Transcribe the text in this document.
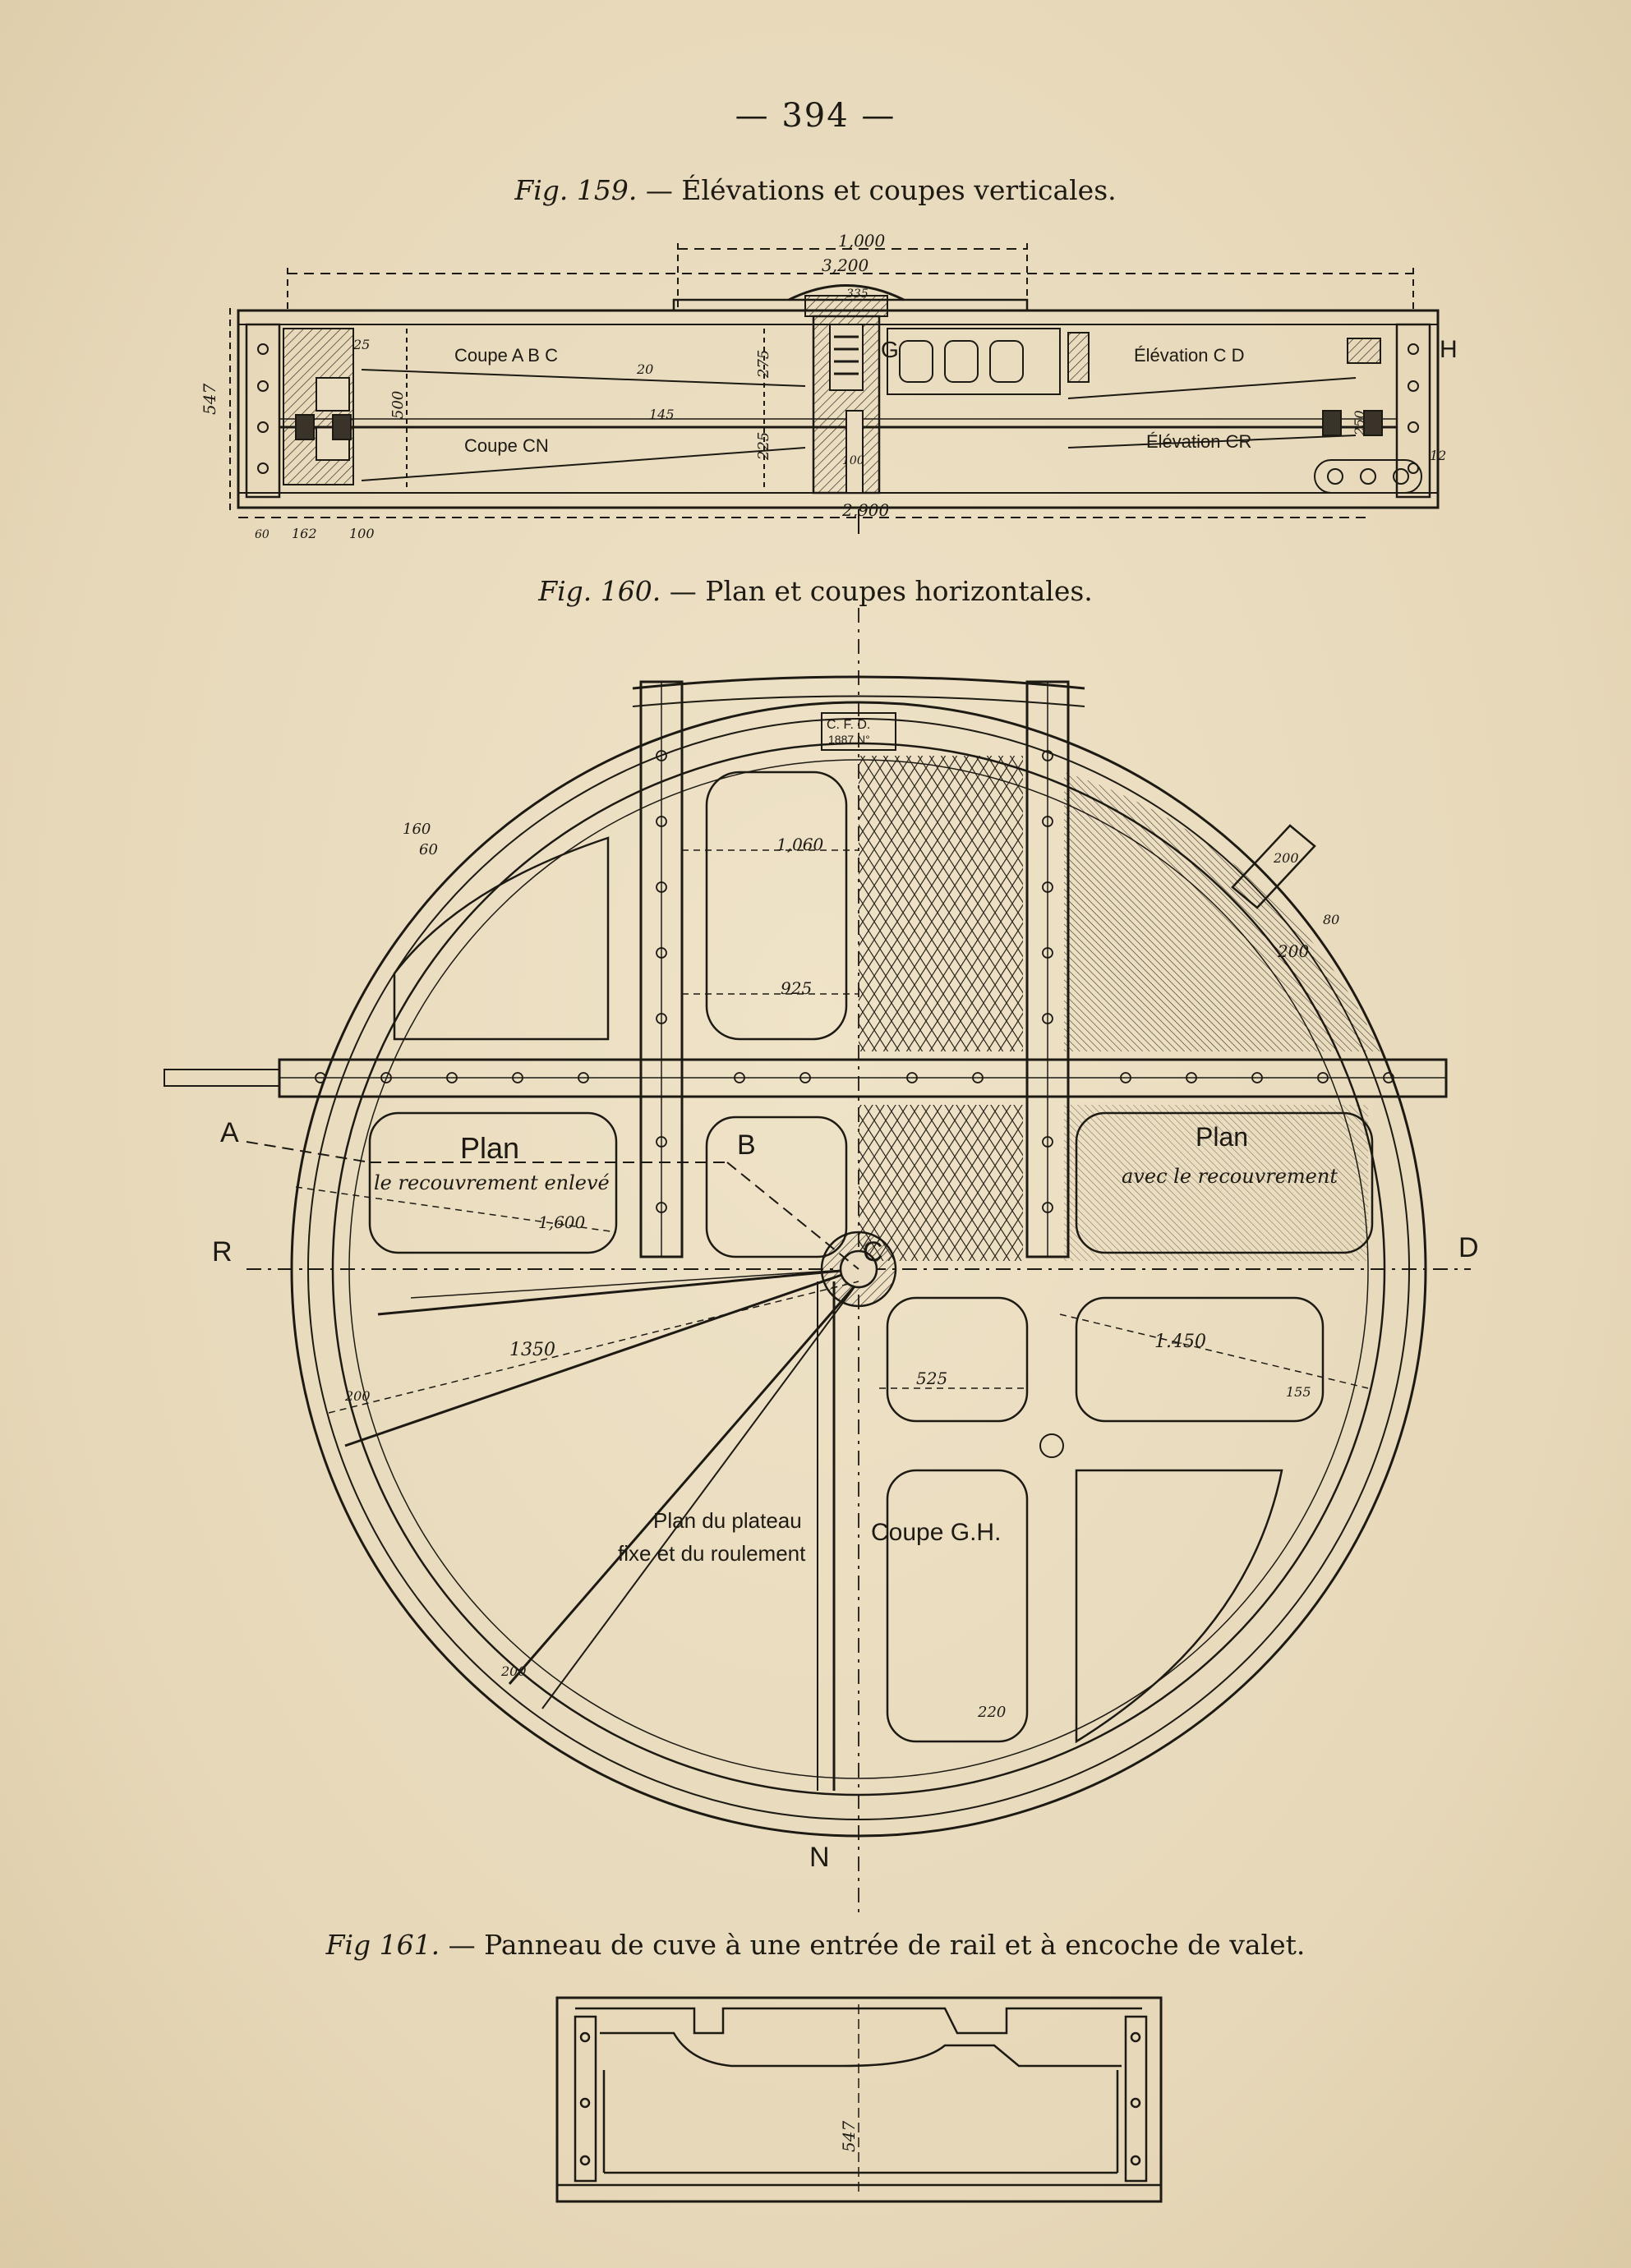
— 394 —
Fig. 159. — Élévations et coupes verticales.
Fig. 160. — Plan et coupes horizontales.
Fig 161. — Panneau de cuve à une entrée de rail et à encoche de valet.
Coupe A B C
Coupe CN
Élévation C D
Élévation CR
H
G
1,000
3,200
2,900
547	500
275
225
145	250
25
20
12
162 100
60
335
100
C. F. D.
1887 N°
A	B
C	D
R
N
Plan
le recouvrement enlevé
Plan
avec le recouvrement
Plan du plateau
fixe et du roulement
Coupe G.H.
1,060
925
1,600
1350	1.450
525
160
60	200
80
200
155
200
200
220
547
